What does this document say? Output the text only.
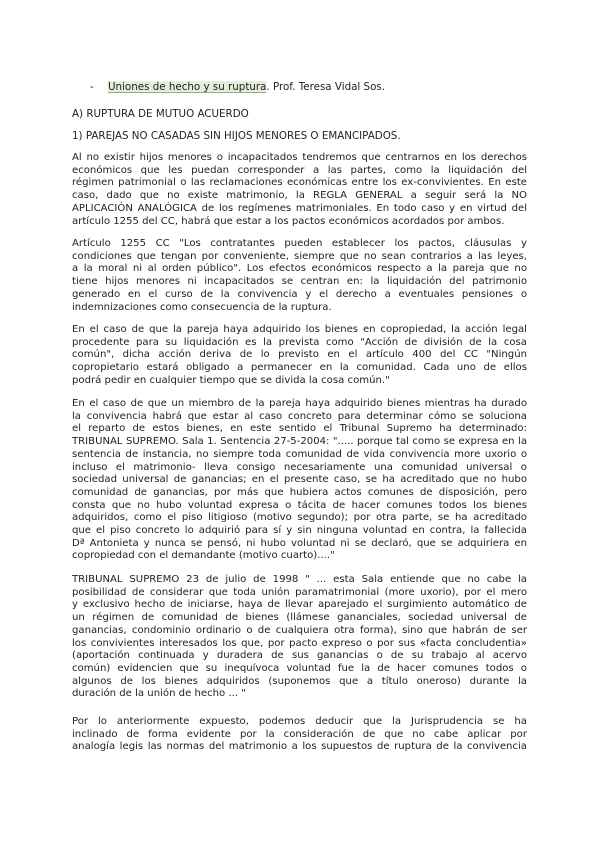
- Uniones de hecho y su ruptura. Prof. Teresa Vidal Sos.
A) RUPTURA DE MUTUO ACUERDO
1) PAREJAS NO CASADAS SIN HIJOS MENORES O EMANCIPADOS.
Al no existir hijos menores o incapacitados tendremos que centrarnos en los derechos
económicos que les puedan corresponder a las partes, como la liquidación del
régimen patrimonial o las reclamaciones económicas entre los ex-convivientes. En este
caso, dado que no existe matrimonio, la REGLA GENERAL a seguir será la NO
APLICACIÓN ANALÓGICA de los regímenes matrimoniales. En todo caso y en virtud del
artículo 1255 del CC, habrá que estar a los pactos económicos acordados por ambos.
Artículo 1255 CC "Los contratantes pueden establecer los pactos, cláusulas y
condiciones que tengan por conveniente, siempre que no sean contrarios a las leyes,
a la moral ni al orden público". Los efectos económicos respecto a la pareja que no
tiene hijos menores ni incapacitados se centran en: la liquidación del patrimonio
generado en el curso de la convivencia y el derecho a eventuales pensiones o
indemnizaciones como consecuencia de la ruptura.
En el caso de que la pareja haya adquirido los bienes en copropiedad, la acción legal
procedente para su liquidación es la prevista como "Acción de división de la cosa
común", dicha acción deriva de lo previsto en el artículo 400 del CC "Ningún
copropietario estará obligado a permanecer en la comunidad. Cada uno de ellos
podrá pedir en cualquier tiempo que se divida la cosa común."
En el caso de que un miembro de la pareja haya adquirido bienes mientras ha durado
la convivencia habrá que estar al caso concreto para determinar cómo se soluciona
el reparto de estos bienes, en este sentido el Tribunal Supremo ha determinado:
TRIBUNAL SUPREMO. Sala 1. Sentencia 27-5-2004: "..... porque tal como se expresa en la
sentencia de instancia, no siempre toda comunidad de vida convivencia more uxorio o
incluso el matrimonio- lleva consigo necesariamente una comunidad universal o
sociedad universal de ganancias; en el presente caso, se ha acreditado que no hubo
comunidad de ganancias, por más que hubiera actos comunes de disposición, pero
consta que no hubo voluntad expresa o tácita de hacer comunes todos los bienes
adquiridos, como el piso litigioso (motivo segundo); por otra parte, se ha acreditado
que el piso concreto lo adquirió para sí y sin ninguna voluntad en contra, la fallecida
Dª Antonieta y nunca se pensó, ni hubo voluntad ni se declaró, que se adquiriera en
copropiedad con el demandante (motivo cuarto)...."
TRIBUNAL SUPREMO 23 de julio de 1998 " ... esta Sala entiende que no cabe la
posibilidad de considerar que toda unión paramatrimonial (more uxorio), por el mero
y exclusivo hecho de iniciarse, haya de llevar aparejado el surgimiento automático de
un régimen de comunidad de bienes (llámese gananciales, sociedad universal de
ganancias, condominio ordinario o de cualquiera otra forma), sino que habrán de ser
los convivientes interesados los que, por pacto expreso o por sus «facta concludentia»
(aportación continuada y duradera de sus ganancias o de su trabajo al acervo
común) evidencien que su inequívoca voluntad fue la de hacer comunes todos o
algunos de los bienes adquiridos (suponemos que a título oneroso) durante la
duración de la unión de hecho ... "
Por lo anteriormente expuesto, podemos deducir que la Jurisprudencia se ha
inclinado de forma evidente por la consideración de que no cabe aplicar por
analogía legis las normas del matrimonio a los supuestos de ruptura de la convivencia
